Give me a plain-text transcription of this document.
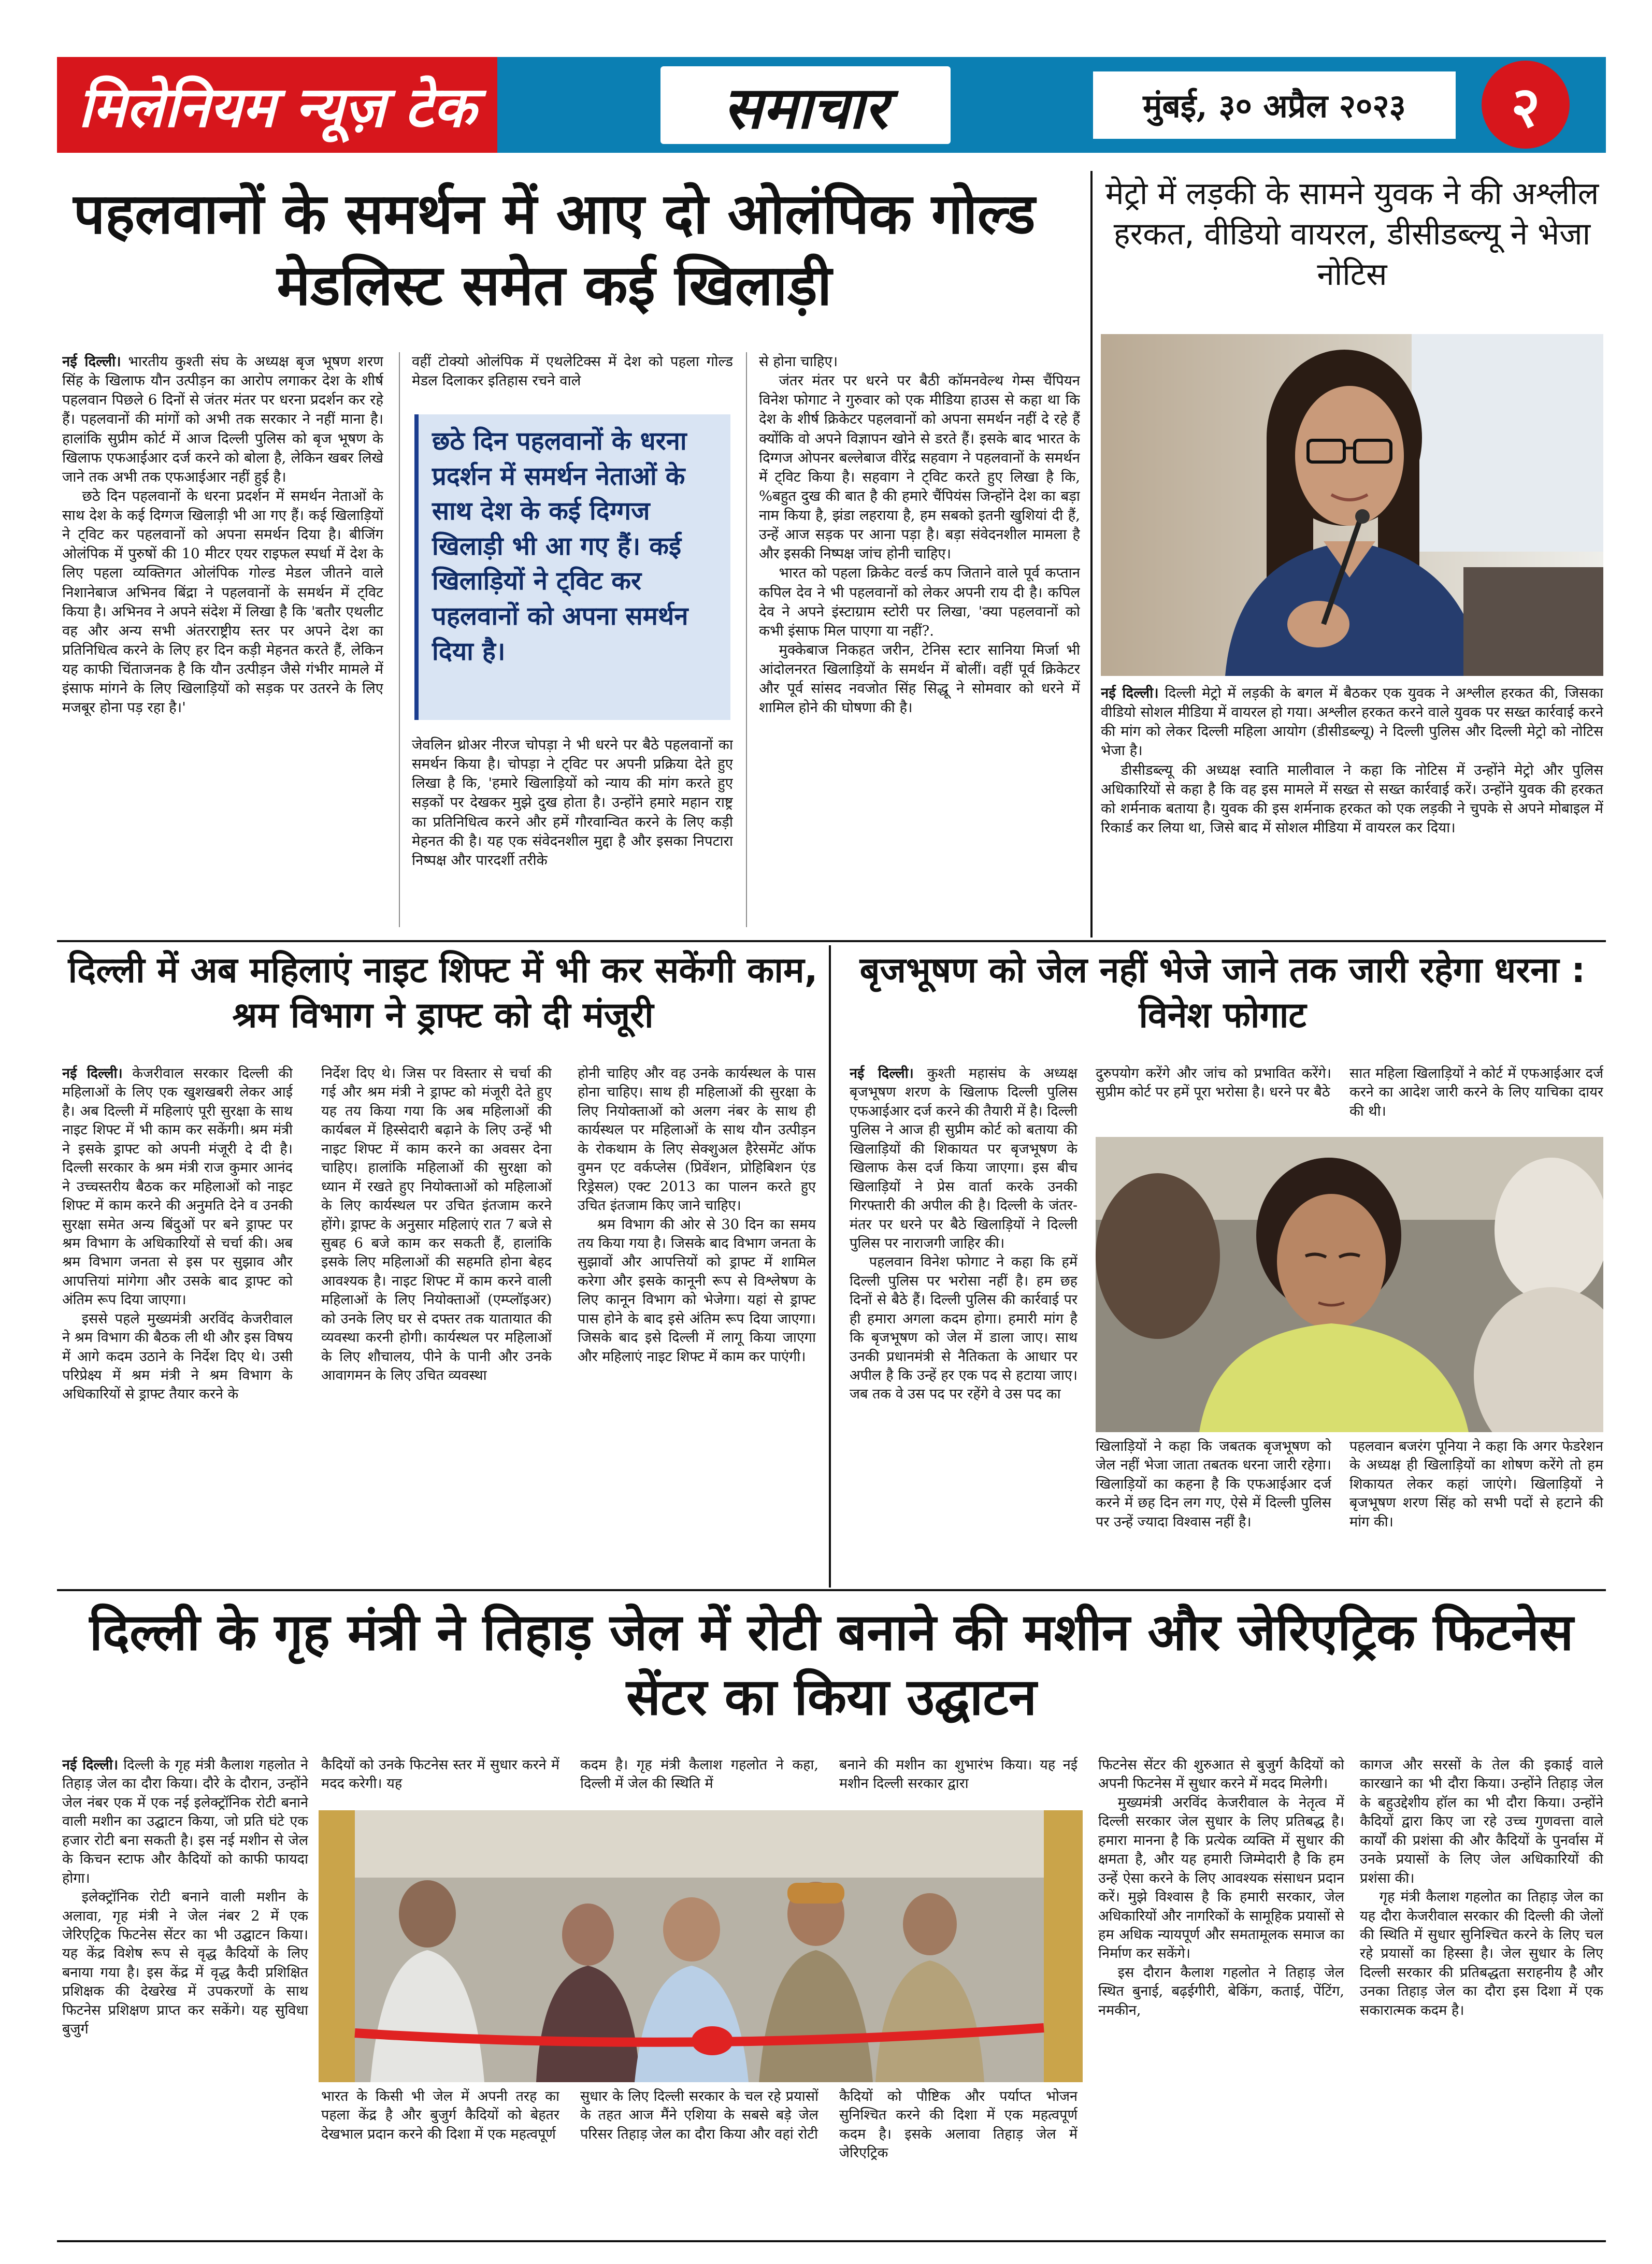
मिलेनियम न्यूज़ टेक	समाचार	मुंबई, ३० अप्रैल २०२३	२
पहलवानों के समर्थन में आए दो ओलंपिक गोल्ड मेडलिस्ट समेत कई खिलाड़ी

नई दिल्ली। भारतीय कुश्ती संघ के अध्यक्ष बृज भूषण शरण सिंह के खिलाफ यौन उत्पीड़न का आरोप लगाकर देश के शीर्ष पहलवान पिछले 6 दिनों से जंतर मंतर पर धरना प्रदर्शन कर रहे हैं। पहलवानों की मांगों को अभी तक सरकार ने नहीं माना है। हालांकि सुप्रीम कोर्ट में आज दिल्ली पुलिस को बृज भूषण के खिलाफ एफआईआर दर्ज करने को बोला है, लेकिन खबर लिखे जाने तक अभी तक एफआईआर नहीं हुई है।

छठे दिन पहलवानों के धरना प्रदर्शन में समर्थन नेताओं के साथ देश के कई दिग्गज खिलाड़ी भी आ गए हैं। कई खिलाड़ियों ने ट्विट कर पहलवानों को अपना समर्थन दिया है। बीजिंग ओलंपिक में पुरुषों की 10 मीटर एयर राइफल स्पर्धा में देश के लिए पहला व्यक्तिगत ओलंपिक गोल्ड मेडल जीतने वाले निशानेबाज अभिनव बिंद्रा ने पहलवानों के समर्थन में ट्विट किया है। अभिनव ने अपने संदेश में लिखा है कि 'बतौर एथलीट वह और अन्य सभी अंतरराष्ट्रीय स्तर पर अपने देश का प्रतिनिधित्व करने के लिए हर दिन कड़ी मेहनत करते हैं, लेकिन यह काफी चिंताजनक है कि यौन उत्पीड़न जैसे गंभीर मामले में इंसाफ मांगने के लिए खिलाड़ियों को सड़क पर उतरने के लिए मजबूर होना पड़ रहा है।'

वहीं टोक्यो ओलंपिक में एथलेटिक्स में देश को पहला गोल्ड मेडल दिलाकर इतिहास रचने वाले

छठे दिन पहलवानों के धरना प्रदर्शन में समर्थन नेताओं के साथ देश के कई दिग्गज खिलाड़ी भी आ गए हैं। कई खिलाड़ियों ने ट्विट कर पहलवानों को अपना समर्थन दिया है।

जेवलिन थ्रोअर नीरज चोपड़ा ने भी धरने पर बैठे पहलवानों का समर्थन किया है। चोपड़ा ने ट्विट पर अपनी प्रक्रिया देते हुए लिखा है कि, 'हमारे खिलाड़ियों को न्याय की मांग करते हुए सड़कों पर देखकर मुझे दुख होता है। उन्होंने हमारे महान राष्ट्र का प्रतिनिधित्व करने और हमें गौरवान्वित करने के लिए कड़ी मेहनत की है। यह एक संवेदनशील मुद्दा है और इसका निपटारा निष्पक्ष और पारदर्शी तरीके

से होना चाहिए।

जंतर मंतर पर धरने पर बैठी कॉमनवेल्थ गेम्स चैंपियन विनेश फोगाट ने गुरुवार को एक मीडिया हाउस से कहा था कि देश के शीर्ष क्रिकेटर पहलवानों को अपना समर्थन नहीं दे रहे हैं क्योंकि वो अपने विज्ञापन खोने से डरते हैं। इसके बाद भारत के दिग्गज ओपनर बल्लेबाज वीरेंद्र सहवाग ने पहलवानों के समर्थन में ट्विट किया है। सहवाग ने ट्विट करते हुए लिखा है कि, %बहुत दुख की बात है की हमारे चैंपियंस जिन्होंने देश का बड़ा नाम किया है, झंडा लहराया है, हम सबको इतनी खुशियां दी हैं, उन्हें आज सड़क पर आना पड़ा है। बड़ा संवेदनशील मामला है और इसकी निष्पक्ष जांच होनी चाहिए।

भारत को पहला क्रिकेट वर्ल्ड कप जिताने वाले पूर्व कप्तान कपिल देव ने भी पहलवानों को लेकर अपनी राय दी है। कपिल देव ने अपने इंस्टाग्राम स्टोरी पर लिखा, 'क्या पहलवानों को कभी इंसाफ मिल पाएगा या नहीं?.

मुक्केबाज निकहत जरीन, टेनिस स्टार सानिया मिर्जा भी आंदोलनरत खिलाड़ियों के समर्थन में बोलीं। वहीं पूर्व क्रिकेटर और पूर्व सांसद नवजोत सिंह सिद्धू ने सोमवार को धरने में शामिल होने की घोषणा की है।

मेट्रो में लड़की के सामने युवक ने की अश्लील हरकत, वीडियो वायरल, डीसीडब्ल्यू ने भेजा नोटिस

नई दिल्ली। दिल्ली मेट्रो में लड़की के बगल में बैठकर एक युवक ने अश्लील हरकत की, जिसका वीडियो सोशल मीडिया में वायरल हो गया। अश्लील हरकत करने वाले युवक पर सख्त कार्रवाई करने की मांग को लेकर दिल्ली महिला आयोग (डीसीडब्ल्यू) ने दिल्ली पुलिस और दिल्ली मेट्रो को नोटिस भेजा है।

डीसीडब्ल्यू की अध्यक्ष स्वाति मालीवाल ने कहा कि नोटिस में उन्होंने मेट्रो और पुलिस अधिकारियों से कहा है कि वह इस मामले में सख्त से सख्त कार्रवाई करें। उन्होंने युवक की हरकत को शर्मनाक बताया है। युवक की इस शर्मनाक हरकत को एक लड़की ने चुपके से अपने मोबाइल में रिकार्ड कर लिया था, जिसे बाद में सोशल मीडिया में वायरल कर दिया।

दिल्ली में अब महिलाएं नाइट शिफ्ट में भी कर सकेंगी काम, श्रम विभाग ने ड्राफ्ट को दी मंजूरी

नई दिल्ली। केजरीवाल सरकार दिल्ली की महिलाओं के लिए एक खुशखबरी लेकर आई है। अब दिल्ली में महिलाएं पूरी सुरक्षा के साथ नाइट शिफ्ट में भी काम कर सकेंगी। श्रम मंत्री ने इसके ड्राफ्ट को अपनी मंजूरी दे दी है। दिल्ली सरकार के श्रम मंत्री राज कुमार आनंद ने उच्चस्तरीय बैठक कर महिलाओं को नाइट शिफ्ट में काम करने की अनुमति देने व उनकी सुरक्षा समेत अन्य बिंदुओं पर बने ड्राफ्ट पर श्रम विभाग के अधिकारियों से चर्चा की। अब श्रम विभाग जनता से इस पर सुझाव और आपत्तियां मांगेगा और उसके बाद ड्राफ्ट को अंतिम रूप दिया जाएगा।

इससे पहले मुख्यमंत्री अरविंद केजरीवाल ने श्रम विभाग की बैठक ली थी और इस विषय में आगे कदम उठाने के निर्देश दिए थे। उसी परिप्रेक्ष्य में श्रम मंत्री ने श्रम विभाग के अधिकारियों से ड्राफ्ट तैयार करने के

निर्देश दिए थे। जिस पर विस्तार से चर्चा की गई और श्रम मंत्री ने ड्राफ्ट को मंजूरी देते हुए यह तय किया गया कि अब महिलाओं की कार्यबल में हिस्सेदारी बढ़ाने के लिए उन्हें भी नाइट शिफ्ट में काम करने का अवसर देना चाहिए। हालांकि महिलाओं की सुरक्षा को ध्यान में रखते हुए नियोक्ताओं को महिलाओं के लिए कार्यस्थल पर उचित इंतजाम करने होंगे। ड्राफ्ट के अनुसार महिलाएं रात 7 बजे से सुबह 6 बजे काम कर सकती हैं, हालांकि इसके लिए महिलाओं की सहमति होना बेहद आवश्यक है। नाइट शिफ्ट में काम करने वाली महिलाओं के लिए नियोक्ताओं (एम्प्लॉइअर) को उनके लिए घर से दफ्तर तक यातायात की व्यवस्था करनी होगी। कार्यस्थल पर महिलाओं के लिए शौचालय, पीने के पानी और उनके आवागमन के लिए उचित व्यवस्था

होनी चाहिए और वह उनके कार्यस्थल के पास होना चाहिए। साथ ही महिलाओं की सुरक्षा के लिए नियोक्ताओं को अलग नंबर के साथ ही कार्यस्थल पर महिलाओं के साथ यौन उत्पीड़न के रोकथाम के लिए सेक्शुअल हैरेसमेंट ऑफ वुमन एट वर्कप्लेस (प्रिवेंशन, प्रोहिबिशन एंड रिड्रेसल) एक्ट 2013 का पालन करते हुए उचित इंतजाम किए जाने चाहिए।

श्रम विभाग की ओर से 30 दिन का समय तय किया गया है। जिसके बाद विभाग जनता के सुझावों और आपत्तियों को ड्राफ्ट में शामिल करेगा और इसके कानूनी रूप से विश्लेषण के लिए कानून विभाग को भेजेगा। यहां से ड्राफ्ट पास होने के बाद इसे अंतिम रूप दिया जाएगा। जिसके बाद इसे दिल्ली में लागू किया जाएगा और महिलाएं नाइट शिफ्ट में काम कर पाएंगी।

बृजभूषण को जेल नहीं भेजे जाने तक जारी रहेगा धरना : विनेश फोगाट

नई दिल्ली। कुश्ती महासंघ के अध्यक्ष बृजभूषण शरण के खिलाफ दिल्ली पुलिस एफआईआर दर्ज करने की तैयारी में है। दिल्ली पुलिस ने आज ही सुप्रीम कोर्ट को बताया की खिलाड़ियों की शिकायत पर बृजभूषण के खिलाफ केस दर्ज किया जाएगा। इस बीच खिलाड़ियों ने प्रेस वार्ता करके उनकी गिरफ्तारी की अपील की है। दिल्ली के जंतर-मंतर पर धरने पर बैठे खिलाड़ियों ने दिल्ली पुलिस पर नाराजगी जाहिर की।

पहलवान विनेश फोगाट ने कहा कि हमें दिल्ली पुलिस पर भरोसा नहीं है। हम छह दिनों से बैठे हैं। दिल्ली पुलिस की कार्रवाई पर ही हमारा अगला कदम होगा। हमारी मांग है कि बृजभूषण को जेल में डाला जाए। साथ उनकी प्रधानमंत्री से नैतिकता के आधार पर अपील है कि उन्हें हर एक पद से हटाया जाए। जब तक वे उस पद पर रहेंगे वे उस पद का

दुरुपयोग करेंगे और जांच को प्रभावित करेंगे। सुप्रीम कोर्ट पर हमें पूरा भरोसा है। धरने पर बैठे

सात महिला खिलाड़ियों ने कोर्ट में एफआईआर दर्ज करने का आदेश जारी करने के लिए याचिका दायर की थी।

खिलाड़ियों ने कहा कि जबतक बृजभूषण को जेल नहीं भेजा जाता तबतक धरना जारी रहेगा। खिलाड़ियों का कहना है कि एफआईआर दर्ज करने में छह दिन लग गए, ऐसे में दिल्ली पुलिस पर उन्हें ज्यादा विश्वास नहीं है।

पहलवान बजरंग पूनिया ने कहा कि अगर फेडरेशन के अध्यक्ष ही खिलाड़ियों का शोषण करेंगे तो हम शिकायत लेकर कहां जाएंगे। खिलाड़ियों ने बृजभूषण शरण सिंह को सभी पदों से हटाने की मांग की।

दिल्ली के गृह मंत्री ने तिहाड़ जेल में रोटी बनाने की मशीन और जेरिएट्रिक फिटनेस सेंटर का किया उद्घाटन

नई दिल्ली। दिल्ली के गृह मंत्री कैलाश गहलोत ने तिहाड़ जेल का दौरा किया। दौरे के दौरान, उन्होंने जेल नंबर एक में एक नई इलेक्ट्रॉनिक रोटी बनाने वाली मशीन का उद्घाटन किया, जो प्रति घंटे एक हजार रोटी बना सकती है। इस नई मशीन से जेल के किचन स्टाफ और कैदियों को काफी फायदा होगा।

इलेक्ट्रॉनिक रोटी बनाने वाली मशीन के अलावा, गृह मंत्री ने जेल नंबर 2 में एक जेरिएट्रिक फिटनेस सेंटर का भी उद्घाटन किया। यह केंद्र विशेष रूप से वृद्ध कैदियों के लिए बनाया गया है। इस केंद्र में वृद्ध कैदी प्रशिक्षित प्रशिक्षक की देखरेख में उपकरणों के साथ फिटनेस प्रशिक्षण प्राप्त कर सकेंगे। यह सुविधा बुजुर्ग

कैदियों को उनके फिटनेस स्तर में सुधार करने में मदद करेगी। यह

कदम है। गृह मंत्री कैलाश गहलोत ने कहा, दिल्ली में जेल की स्थिति में

बनाने की मशीन का शुभारंभ किया। यह नई मशीन दिल्ली सरकार द्वारा

भारत के किसी भी जेल में अपनी तरह का पहला केंद्र है और बुजुर्ग कैदियों को बेहतर देखभाल प्रदान करने की दिशा में एक महत्वपूर्ण

सुधार के लिए दिल्ली सरकार के चल रहे प्रयासों के तहत आज मैंने एशिया के सबसे बड़े जेल परिसर तिहाड़ जेल का दौरा किया और वहां रोटी

कैदियों को पौष्टिक और पर्याप्त भोजन सुनिश्चित करने की दिशा में एक महत्वपूर्ण कदम है। इसके अलावा तिहाड़ जेल में जेरिएट्रिक

फिटनेस सेंटर की शुरुआत से बुजुर्ग कैदियों को अपनी फिटनेस में सुधार करने में मदद मिलेगी।

मुख्यमंत्री अरविंद केजरीवाल के नेतृत्व में दिल्ली सरकार जेल सुधार के लिए प्रतिबद्ध है। हमारा मानना है कि प्रत्येक व्यक्ति में सुधार की क्षमता है, और यह हमारी जिम्मेदारी है कि हम उन्हें ऐसा करने के लिए आवश्यक संसाधन प्रदान करें। मुझे विश्वास है कि हमारी सरकार, जेल अधिकारियों और नागरिकों के सामूहिक प्रयासों से हम अधिक न्यायपूर्ण और समतामूलक समाज का निर्माण कर सकेंगे।

इस दौरान कैलाश गहलोत ने तिहाड़ जेल स्थित बुनाई, बढ़ईगीरी, बेकिंग, कताई, पेंटिंग, नमकीन,

कागज और सरसों के तेल की इकाई वाले कारखाने का भी दौरा किया। उन्होंने तिहाड़ जेल के बहुउद्देशीय हॉल का भी दौरा किया। उन्होंने कैदियों द्वारा किए जा रहे उच्च गुणवत्ता वाले कार्यों की प्रशंसा की और कैदियों के पुनर्वास में उनके प्रयासों के लिए जेल अधिकारियों की प्रशंसा की।

गृह मंत्री कैलाश गहलोत का तिहाड़ जेल का यह दौरा केजरीवाल सरकार की दिल्ली की जेलों की स्थिति में सुधार सुनिश्चित करने के लिए चल रहे प्रयासों का हिस्सा है। जेल सुधार के लिए दिल्ली सरकार की प्रतिबद्धता सराहनीय है और उनका तिहाड़ जेल का दौरा इस दिशा में एक सकारात्मक कदम है।
